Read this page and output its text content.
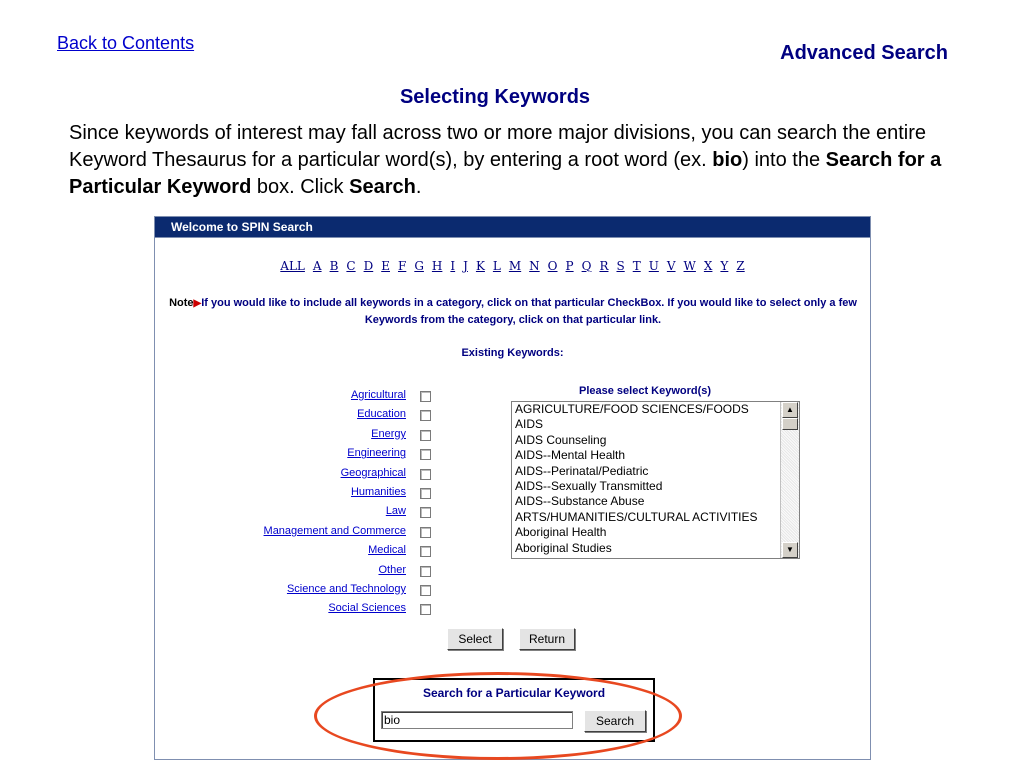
Back to Contents	Advanced Search
Selecting Keywords
Since keywords of interest may fall across two or more major divisions, you can search the entire Keyword Thesaurus for a particular word(s), by entering a root word (ex. bio) into the Search for a Particular Keyword box. Click Search.
Welcome to SPIN Search
ALL A B C D E F G H I J K L M N O P Q R S T U V W X Y Z
Note▶If you would like to include all keywords in a category, click on that particular CheckBox. If you would like to select only a few Keywords from the category, click on that particular link.
Existing Keywords:
Agricultural
Education
Energy
Engineering
Geographical
Humanities
Law
Management and Commerce
Medical
Other
Science and Technology
Social Sciences
Please select Keyword(s)
AGRICULTURE/FOOD SCIENCES/FOODS
AIDS
AIDS Counseling
AIDS--Mental Health
AIDS--Perinatal/Pediatric
AIDS--Sexually Transmitted
AIDS--Substance Abuse
ARTS/HUMANITIES/CULTURAL ACTIVITIES
Aboriginal Health
Aboriginal Studies
▲
▼
Select	Return
Search for a Particular Keyword
bio
Search
